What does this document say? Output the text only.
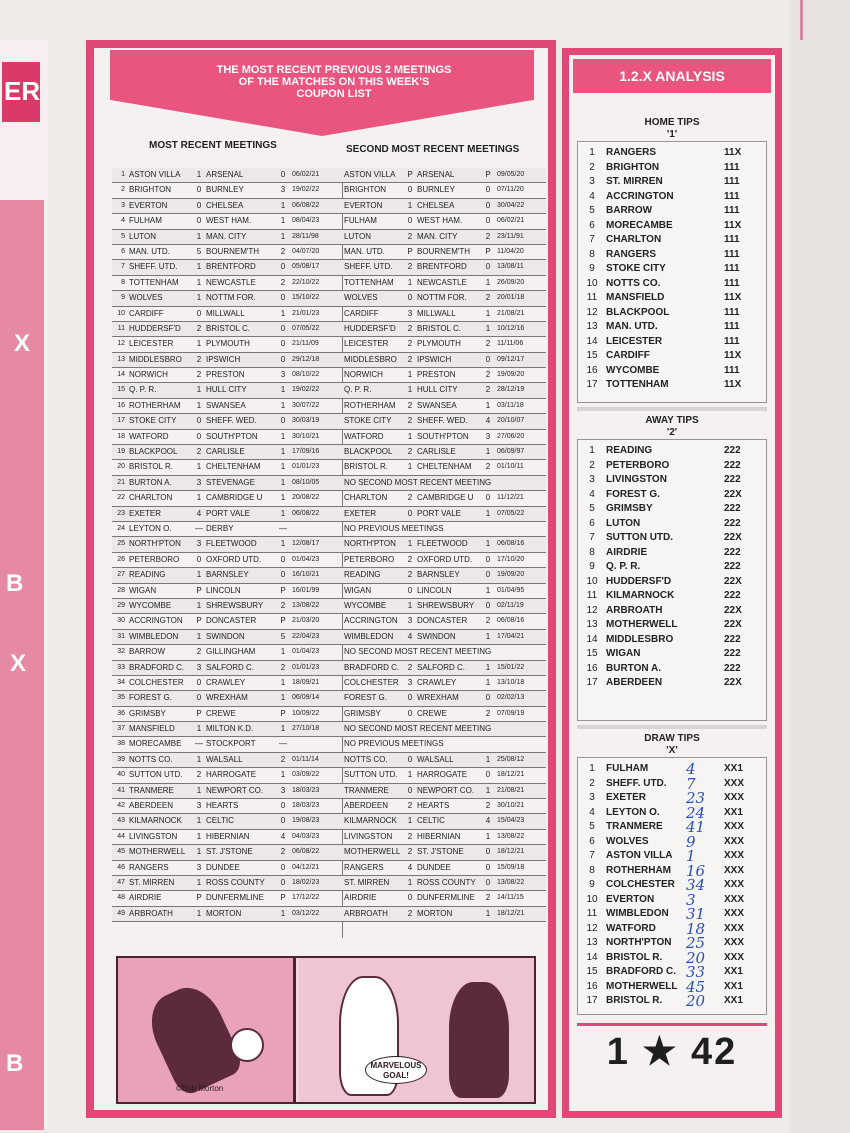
ER
X
B
X
B
THE MOST RECENT PREVIOUS 2 MEETINGS
OF THE MATCHES ON THIS WEEK'S
COUPON LIST
MOST RECENT MEETINGS	SECOND MOST RECENT MEETINGS
1 ASTON VILLA	1 ARSENAL	0 06/02/21	ASTON VILLA	P ARSENAL	P 09/05/20
2 BRIGHTON	0 BURNLEY	3 19/02/22	BRIGHTON	0 BURNLEY	0 07/11/20
3 EVERTON	0 CHELSEA	1 06/08/22	EVERTON	1 CHELSEA	0 30/04/22
4 FULHAM	0 WEST HAM.	1 08/04/23	FULHAM	0 WEST HAM.	0 06/02/21
5 LUTON	1 MAN. CITY	1 28/11/98	LUTON	2 MAN. CITY	2 23/11/91
6 MAN. UTD.	5 BOURNEM'TH	2 04/07/20	MAN. UTD.	P BOURNEM'TH	P 11/04/20
7 SHEFF. UTD.	1 BRENTFORD	0 05/08/17	SHEFF. UTD.	2 BRENTFORD	0 13/08/11
8 TOTTENHAM	1 NEWCASTLE	2 22/10/22	TOTTENHAM	1 NEWCASTLE	1 26/09/20
9 WOLVES	1 NOTTM FOR.	0 15/10/22	WOLVES	0 NOTTM FOR.	2 20/01/18
10 CARDIFF	0 MILLWALL	1 21/01/23	CARDIFF	3 MILLWALL	1 21/08/21
11 HUDDERSF'D	2 BRISTOL C.	0 07/05/22	HUDDERSF'D	2 BRISTOL C.	1 10/12/16
12 LEICESTER	1 PLYMOUTH	0 21/11/09	LEICESTER	2 PLYMOUTH	2 11/11/06
13 MIDDLESBRO	2 IPSWICH	0 29/12/18	MIDDLESBRO	2 IPSWICH	0 09/12/17
14 NORWICH	2 PRESTON	3 08/10/22	NORWICH	1 PRESTON	2 19/09/20
15 Q. P. R.	1 HULL CITY	1 19/02/22	Q. P. R.	1 HULL CITY	2 28/12/19
16 ROTHERHAM	1 SWANSEA	1 30/07/22	ROTHERHAM	2 SWANSEA	1 03/11/18
17 STOKE CITY	0 SHEFF. WED.	0 30/03/19	STOKE CITY	2 SHEFF. WED.	4 20/10/07
18 WATFORD	0 SOUTH'PTON	1 30/10/21	WATFORD	1 SOUTH'PTON	3 27/06/20
19 BLACKPOOL	2 CARLISLE	1 17/09/16	BLACKPOOL	2 CARLISLE	1 06/09/97
20 BRISTOL R.	1 CHELTENHAM	1 01/01/23	BRISTOL R.	1 CHELTENHAM	2 01/10/11
21 BURTON A.	3 STEVENAGE	1 08/10/05	NO SECOND MOST RECENT MEETING
22 CHARLTON	1 CAMBRIDGE U	1 20/08/22	CHARLTON	2 CAMBRIDGE U	0 11/12/21
23 EXETER	4 PORT VALE	1 06/08/22	EXETER	0 PORT VALE	1 07/05/22
24 LEYTON O.	— DERBY	—	NO PREVIOUS MEETINGS
25 NORTH'PTON	3 FLEETWOOD	1 12/08/17	NORTH'PTON	1 FLEETWOOD	1 06/08/16
26 PETERBORO	0 OXFORD UTD.	0 01/04/23	PETERBORO	2 OXFORD UTD.	0 17/10/20
27 READING	1 BARNSLEY	0 16/10/21	READING	2 BARNSLEY	0 19/09/20
28 WIGAN	P LINCOLN	P 16/01/99	WIGAN	0 LINCOLN	1 01/04/95
29 WYCOMBE	1 SHREWSBURY	2 13/08/22	WYCOMBE	1 SHREWSBURY	0 02/11/19
30 ACCRINGTON	P DONCASTER	P 21/03/20	ACCRINGTON	3 DONCASTER	2 06/08/16
31 WIMBLEDON	1 SWINDON	5 22/04/23	WIMBLEDON	4 SWINDON	1 17/04/21
32 BARROW	2 GILLINGHAM	1 01/04/23	NO SECOND MOST RECENT MEETING
33 BRADFORD C.	3 SALFORD C.	2 01/01/23	BRADFORD C.	2 SALFORD C.	1 15/01/22
34 COLCHESTER	0 CRAWLEY	1 18/09/21	COLCHESTER	3 CRAWLEY	1 13/10/18
35 FOREST G.	0 WREXHAM	1 06/09/14	FOREST G.	0 WREXHAM	0 02/02/13
36 GRIMSBY	P CREWE	P 10/09/22	GRIMSBY	0 CREWE	2 07/09/19
37 MANSFIELD	1 MILTON K.D.	1 27/10/18	NO SECOND MOST RECENT MEETING
38 MORECAMBE	— STOCKPORT	—	NO PREVIOUS MEETINGS
39 NOTTS CO.	1 WALSALL	2 01/11/14	NOTTS CO.	0 WALSALL	1 25/08/12
40 SUTTON UTD.	2 HARROGATE	1 03/09/22	SUTTON UTD.	1 HARROGATE	0 18/12/21
41 TRANMERE	1 NEWPORT CO.	3 18/03/23	TRANMERE	0 NEWPORT CO.	1 21/08/21
42 ABERDEEN	3 HEARTS	0 18/03/23	ABERDEEN	2 HEARTS	2 30/10/21
43 KILMARNOCK	1 CELTIC	0 19/08/23	KILMARNOCK	1 CELTIC	4 15/04/23
44 LIVINGSTON	1 HIBERNIAN	4 04/03/23	LIVINGSTON	2 HIBERNIAN	1 13/08/22
45 MOTHERWELL	1 ST. J'STONE	2 06/08/22	MOTHERWELL 2 ST. J'STONE	0 18/12/21
46 RANGERS	3 DUNDEE	0 04/12/21	RANGERS	4 DUNDEE	0 15/09/18
47 ST. MIRREN	1 ROSS COUNTY	0 18/02/23	ST. MIRREN	1 ROSS COUNTY	0 13/08/22
48 AIRDRIE	P DUNFERMLINE	P 17/12/22	AIRDRIE	0 DUNFERMLINE	2 14/11/15
49 ARBROATH	1 MORTON	1 03/12/22	ARBROATH	2 MORTON	1 18/12/21
©Bob Morton
MARVELOUS GOAL!
1.2.X ANALYSIS
HOME TIPS
'1'
1	RANGERS	11X
2	BRIGHTON	111
3	ST. MIRREN	111
4	ACCRINGTON	111
5	BARROW	111
6	MORECAMBE	11X
7	CHARLTON	111
8	RANGERS	111
9	STOKE CITY	111
10 NOTTS CO.	111
11 MANSFIELD	11X
12 BLACKPOOL	111
13 MAN. UTD.	111
14 LEICESTER	111
15 CARDIFF	11X
16 WYCOMBE	111
17 TOTTENHAM	11X
AWAY TIPS
'2'
1	READING	222
2	PETERBORO	222
3	LIVINGSTON	222
4	FOREST G.	22X
5	GRIMSBY	222
6	LUTON	222
7	SUTTON UTD.	22X
8	AIRDRIE	222
9	Q. P. R.	222
10 HUDDERSF'D	22X
11 KILMARNOCK	222
12 ARBROATH	22X
13 MOTHERWELL	22X
14 MIDDLESBRO	222
15 WIGAN	222
16 BURTON A.	222
17 ABERDEEN	22X
DRAW TIPS
'X'
1	FULHAM	4	XX1
2	SHEFF. UTD.	7	XXX
3	EXETER	23	XXX
4	LEYTON O.	24	XX1
5	TRANMERE	41	XXX
6	WOLVES	9	XXX
7	ASTON VILLA 1	XXX
8	ROTHERHAM	16	XXX
9	COLCHESTER 34	XXX
10 EVERTON	3	XXX
11 WIMBLEDON	31	XXX
12 WATFORD	18	XXX
13 NORTH'PTON 25	XXX
14 BRISTOL R.	20	XXX
15 BRADFORD C. 33	XX1
16 MOTHERWELL 45	XX1
17 BRISTOL R.	20	XX1
1 ★ 42
